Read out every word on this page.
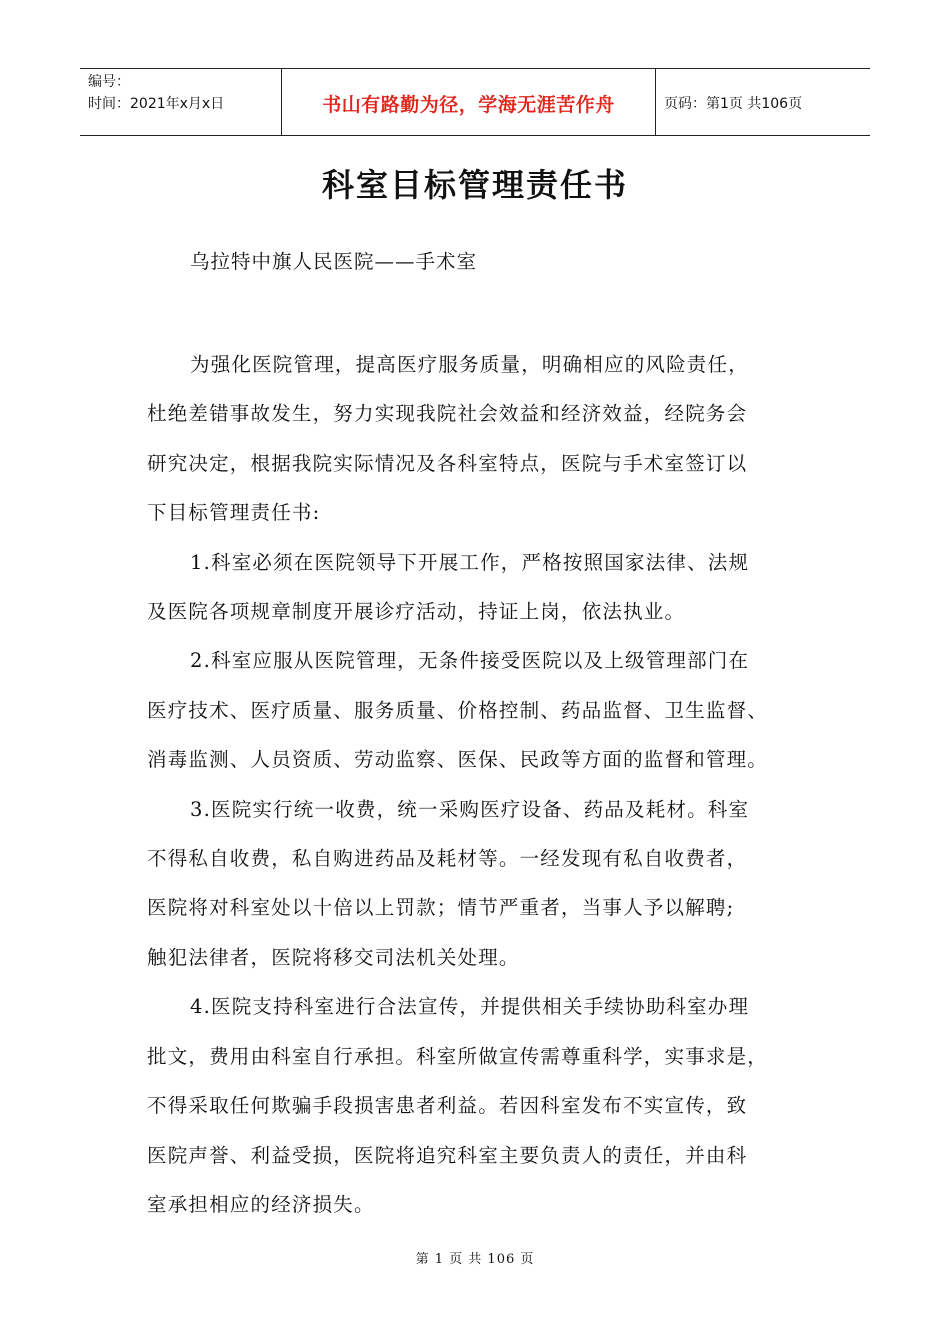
编号：
时间：2021年x月x日	书山有路勤为径，学海无涯苦作舟	页码：第1页 共106页
科室目标管理责任书
乌拉特中旗人民医院——手术室
为强化医院管理，提高医疗服务质量，明确相应的风险责任，
杜绝差错事故发生，努力实现我院社会效益和经济效益，经院务会
研究决定，根据我院实际情况及各科室特点，医院与手术室签订以
下目标管理责任书:
1.科室必须在医院领导下开展工作，严格按照国家法律、法规
及医院各项规章制度开展诊疗活动，持证上岗，依法执业。
2.科室应服从医院管理，无条件接受医院以及上级管理部门在
医疗技术、医疗质量、服务质量、价格控制、药品监督、卫生监督、
消毒监测、人员资质、劳动监察、医保、民政等方面的监督和管理。
3.医院实行统一收费，统一采购医疗设备、药品及耗材。科室
不得私自收费，私自购进药品及耗材等。一经发现有私自收费者，
医院将对科室处以十倍以上罚款；情节严重者，当事人予以解聘;
触犯法律者，医院将移交司法机关处理。
4.医院支持科室进行合法宣传，并提供相关手续协助科室办理
批文，费用由科室自行承担。科室所做宣传需尊重科学，实事求是，
不得采取任何欺骗手段损害患者利益。若因科室发布不实宣传，致
医院声誉、利益受损，医院将追究科室主要负责人的责任，并由科
室承担相应的经济损失。
第 1 页 共 106 页
